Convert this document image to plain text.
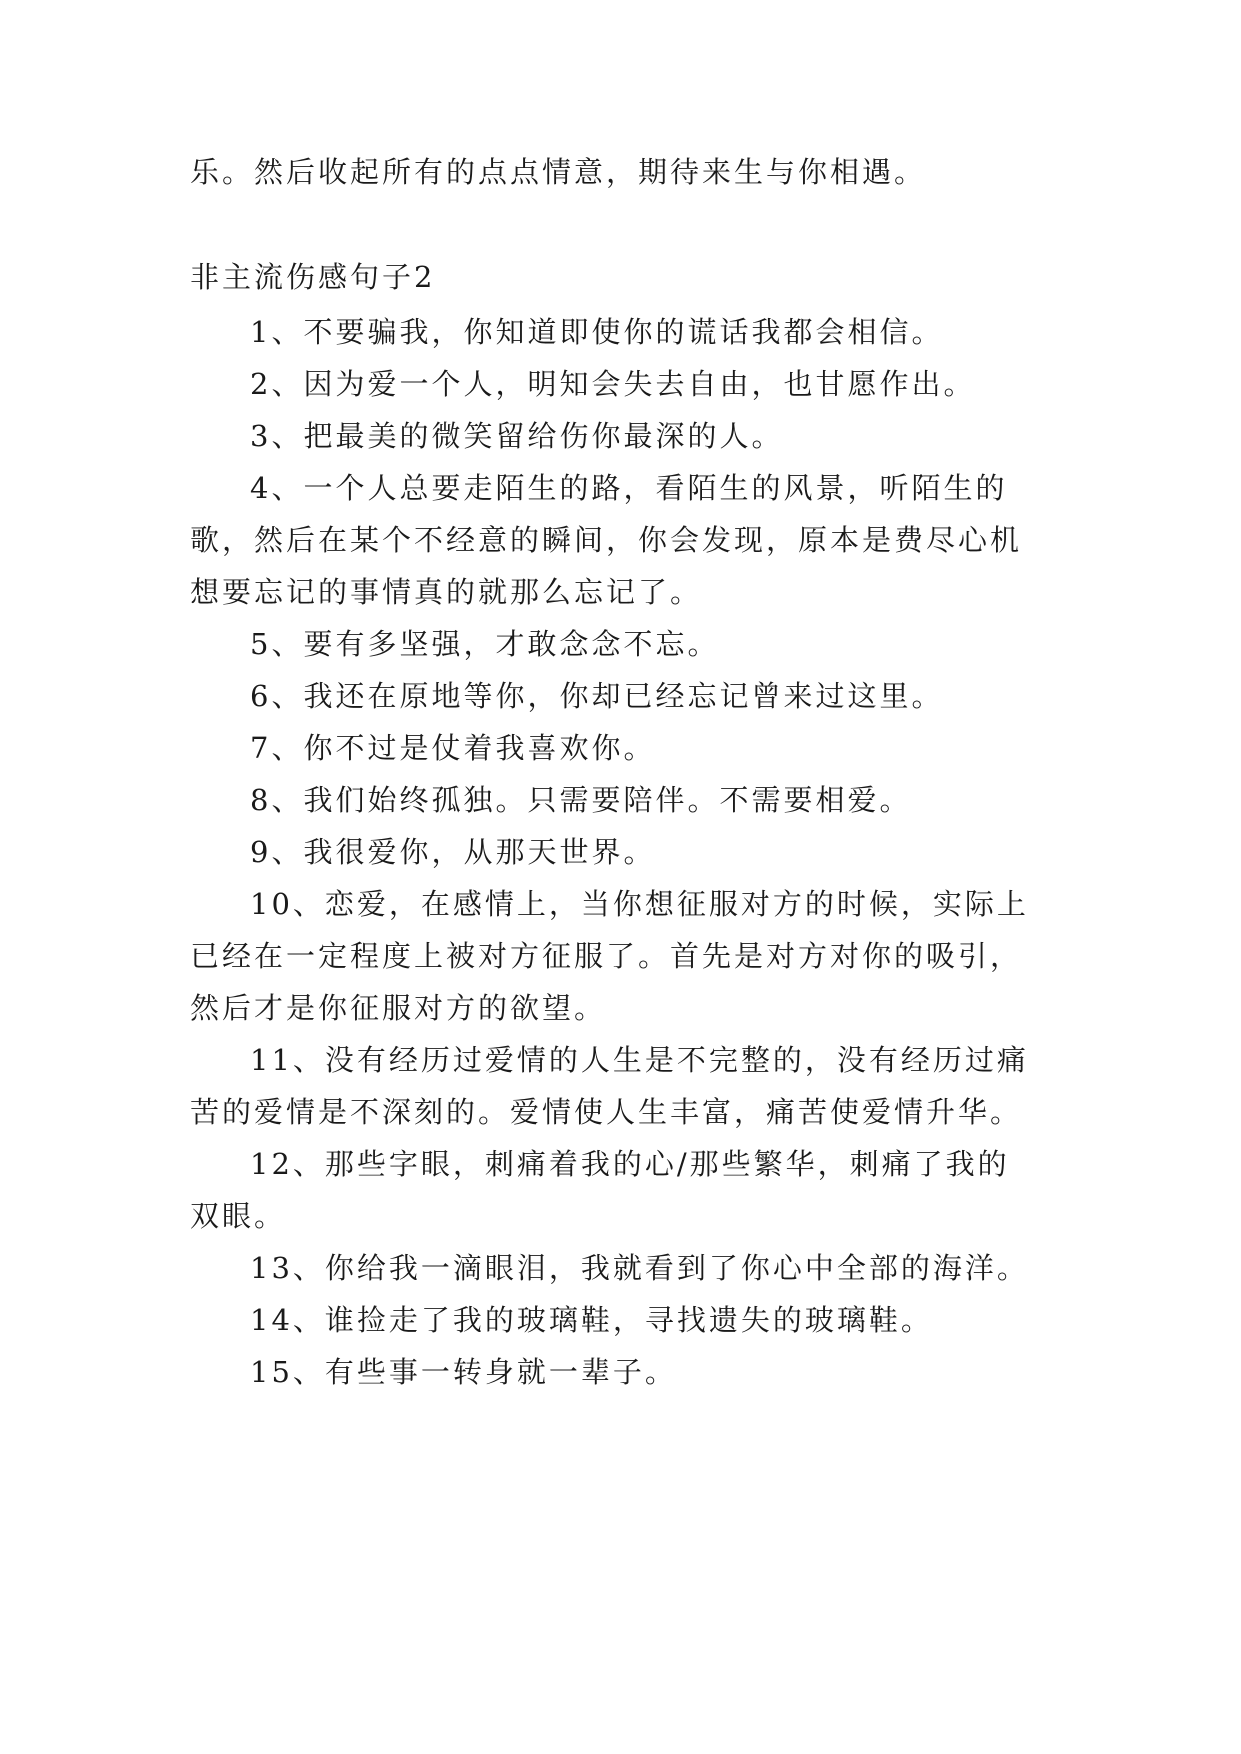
乐。然后收起所有的点点情意，期待来生与你相遇。
非主流伤感句子2
1、不要骗我，你知道即使你的谎话我都会相信。
2、因为爱一个人，明知会失去自由，也甘愿作出。
3、把最美的微笑留给伤你最深的人。
4、一个人总要走陌生的路，看陌生的风景，听陌生的
歌，然后在某个不经意的瞬间，你会发现，原本是费尽心机
想要忘记的事情真的就那么忘记了。
5、要有多坚强，才敢念念不忘。
6、我还在原地等你，你却已经忘记曾来过这里。
7、你不过是仗着我喜欢你。
8、我们始终孤独。只需要陪伴。不需要相爱。
9、我很爱你，从那天世界。
10、恋爱，在感情上，当你想征服对方的时候，实际上
已经在一定程度上被对方征服了。首先是对方对你的吸引，
然后才是你征服对方的欲望。
11、没有经历过爱情的人生是不完整的，没有经历过痛
苦的爱情是不深刻的。爱情使人生丰富，痛苦使爱情升华。
12、那些字眼，刺痛着我的心/那些繁华，刺痛了我的
双眼。
13、你给我一滴眼泪，我就看到了你心中全部的海洋。
14、谁捡走了我的玻璃鞋，寻找遗失的玻璃鞋。
15、有些事一转身就一辈子。
